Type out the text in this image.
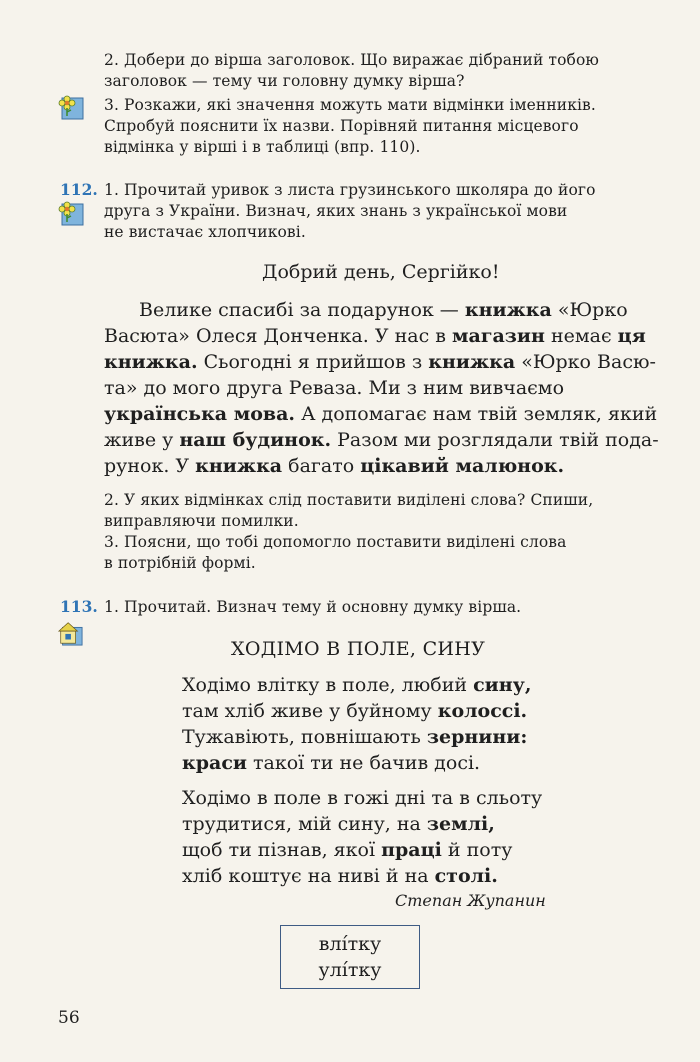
2. Добери до вірша заголовок. Що виражає дібраний тобою
заголовок — тему чи головну думку вірша?
3. Розкажи, які значення можуть мати відмінки іменників.
Спробуй пояснити їх назви. Порівняй питання місцевого
відмінка у вірші і в таблиці (впр. 110).
112. 1. Прочитай уривок з листа грузинського школяра до його
друга з України. Визнач, яких знань з української мови
не вистачає хлопчикові.
Добрий день, Сергійко!
Велике спасибі за подарунок — книжка «Юрко
Васюта» Олеся Донченка. У нас в магазин немає ця
книжка. Сьогодні я прийшов з книжка «Юрко Васю-
та» до мого друга Реваза. Ми з ним вивчаємо
українська мова. А допомагає нам твій земляк, який
живе у наш будинок. Разом ми розглядали твій пода-
рунок. У книжка багато цікавий малюнок.
2. У яких відмінках слід поставити виділені слова? Спиши,
виправляючи помилки.
3. Поясни, що тобі допомогло поставити виділені слова
в потрібній формі.
113. 1. Прочитай. Визнач тему й основну думку вірша.
ХОДІМО В ПОЛЕ, СИНУ
Ходімо влітку в поле, любий сину,
там хліб живе у буйному колоссі.
Тужавіють, повнішають зернини:
краси такої ти не бачив досі.
Ходімо в поле в гожі дні та в сльоту
трудитися, мій сину, на землі,
щоб ти пізнав, якої праці й поту
хліб коштує на ниві й на столі.
Степан Жупанин
влíтку
улíтку
56
